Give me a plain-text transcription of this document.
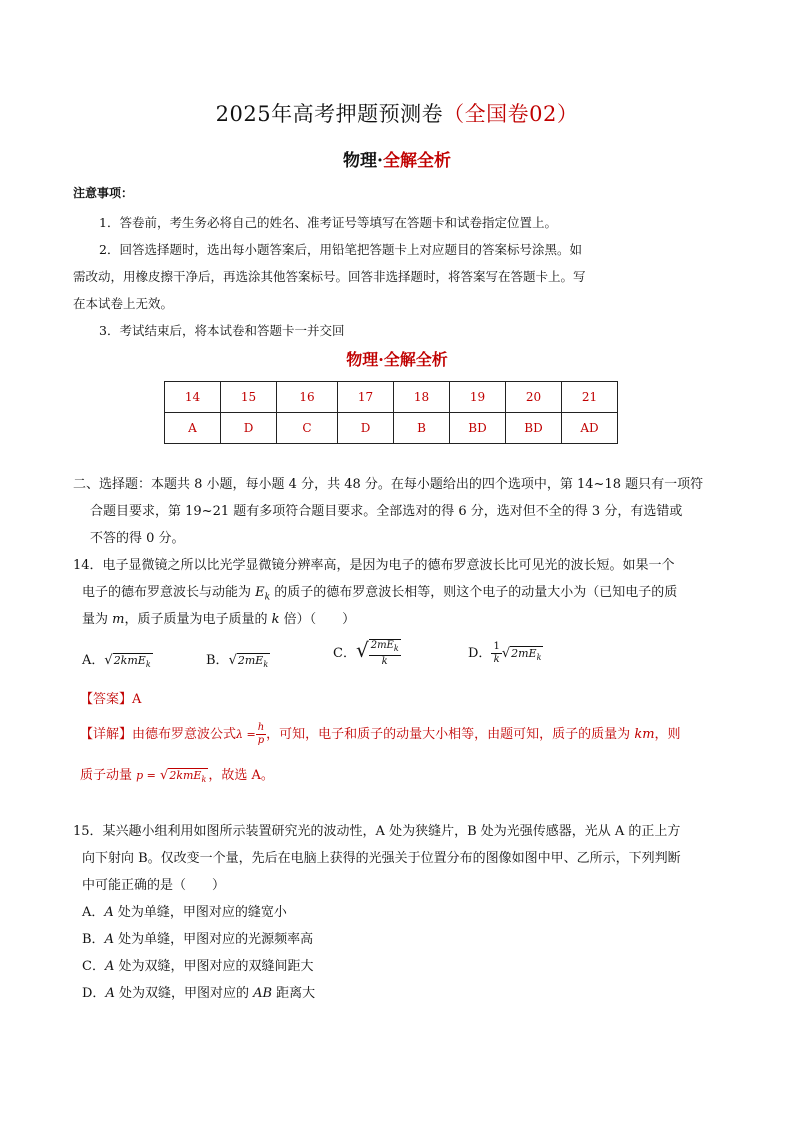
2025年高考押题预测卷（全国卷02）
物理·全解全析
注意事项：
1．答卷前，考生务必将自己的姓名、准考证号等填写在答题卡和试卷指定位置上。
2．回答选择题时，选出每小题答案后，用铅笔把答题卡上对应题目的答案标号涂黑。如
需改动，用橡皮擦干净后，再选涂其他答案标号。回答非选择题时，将答案写在答题卡上。写
在本试卷上无效。
3．考试结束后，将本试卷和答题卡一并交回
物理·全解全析
14	15	16	17	18	19	20	21
A	D	C	D	B	BD	BD	AD
二、选择题：本题共 8 小题，每小题 4 分，共 48 分。在每小题给出的四个选项中，第 14~18 题只有一项符
合题目要求，第 19~21 题有多项符合题目要求。全部选对的得 6 分，选对但不全的得 3 分，有选错或
不答的得 0 分。
14．电子显微镜之所以比光学显微镜分辨率高，是因为电子的德布罗意波长比可见光的波长短。如果一个
电子的德布罗意波长与动能为 $E_k$ 的质子的德布罗意波长相等，则这个电子的动量大小为（已知电子的质
量为 m，质子质量为电子质量的 k 倍）（　　）
A．√2kmE$_k$	B．$√2mE_k$
C．√ $\frac{2mE_k}{k}$	D． $\frac{1}{k} √2mE_k$
【答案】A
【详解】由德布罗意波公式$\lambda = \frac{h}{p}$ ，可知，电子和质子的动量大小相等，由题可知，质子的质量为 km，则
质子动量 p = √2kmE$_k$ ，故选 A。
15．某兴趣小组利用如图所示装置研究光的波动性，A 处为狭缝片，B 处为光强传感器，光从 A 的正上方
向下射向 B。仅改变一个量，先后在电脑上获得的光强关于位置分布的图像如图中甲、乙所示，下列判断
中可能正确的是（　　）
A．A 处为单缝，甲图对应的缝宽小
B．A 处为单缝，甲图对应的光源频率高
C．A 处为双缝，甲图对应的双缝间距大
D．A 处为双缝，甲图对应的 AB 距离大
